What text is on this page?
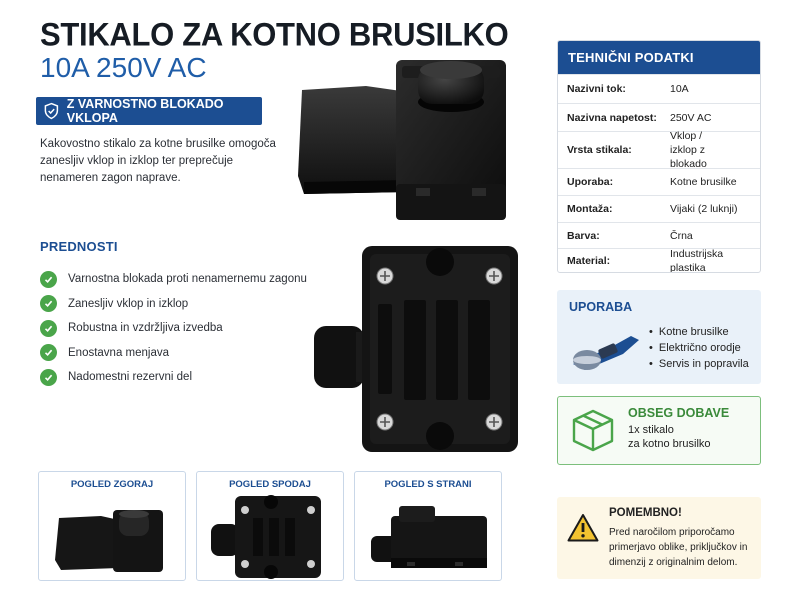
STIKALO ZA KOTNO BRUSILKO
10A 250V AC
Z VARNOSTNO BLOKADO VKLOPA

Kakovostno stikalo za kotne brusilke omogoča zanesljiv vklop in izklop ter preprečuje nenameren zagon naprave.

PREDNOSTI
Varnostna blokada proti nenamernemu zagonu
Zanesljiv vklop in izklop
Robustna in vzdržljiva izvedba
Enostavna menjava
Nadomestni rezervni del
TEHNIČNI PODATKI
Nazivni tok:	10A
Nazivna napetost:	250V AC
Vrsta stikala:
Vklop / izklop z blokado
Uporaba:	Kotne brusilke
Montaža:	Vijaki (2 luknji)
Barva:	Črna
Material:
Industrijska plastika
UPORABA
• Kotne brusilke
• Električno orodje
• Servis in popravila
OBSEG DOBAVE
1x stikalo
za kotno brusilko
POMEMBNO!
Pred naročilom priporočamo primerjavo oblike, priključkov in dimenzij z originalnim delom.
POGLED ZGORAJ	POGLED SPODAJ	POGLED S STRANI
